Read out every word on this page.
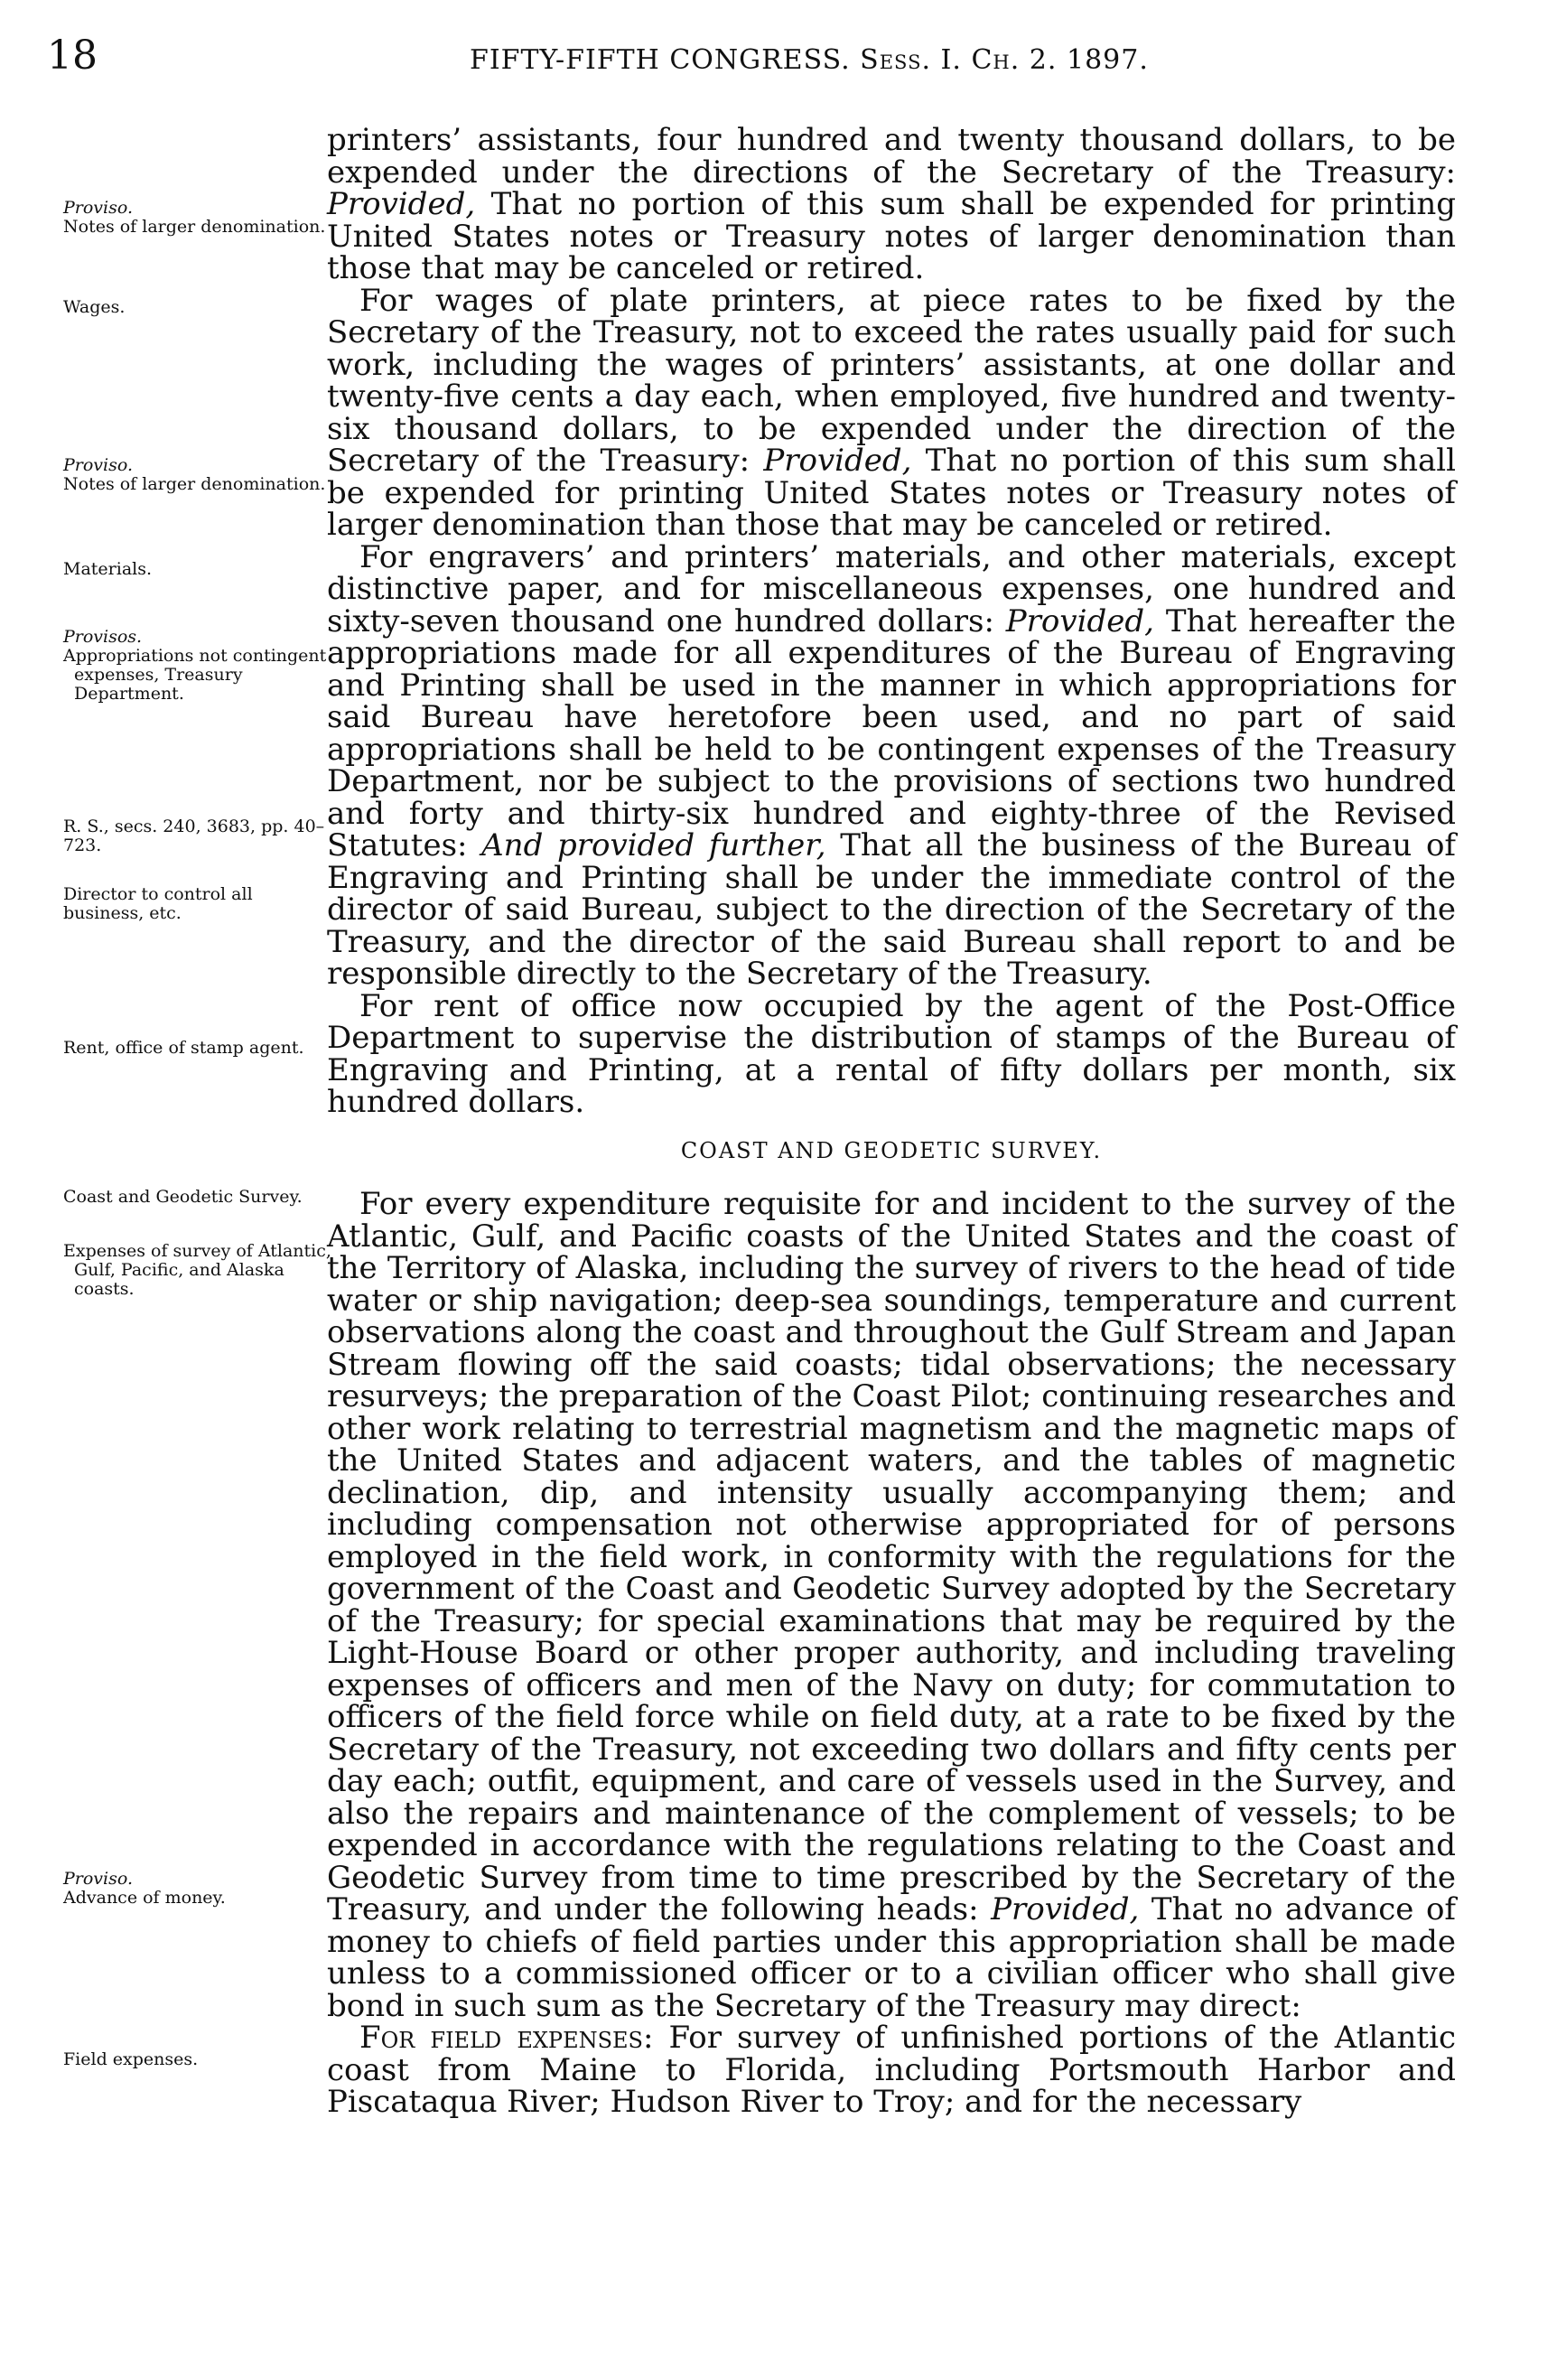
18	FIFTY-FIFTH CONGRESS. Sess. I. Ch. 2. 1897.
Proviso.
Notes of larger denomination.
Wages.
Proviso.
Notes of larger denomination.
Materials.
Provisos.
Appropriations not contingent expenses, Treasury Department.
R. S., secs. 240, 3683, pp. 40–723.
Director to control all business, etc.
Rent, office of stamp agent.
Coast and Geodetic Survey.
Expenses of survey of Atlantic, Gulf, Pacific, and Alaska coasts.
Proviso.
Advance of money.
Field expenses.

printers’ assistants, four hundred and twenty thousand dollars, to be expended under the directions of the Secretary of the Treasury: Provided, That no portion of this sum shall be expended for printing United States notes or Treasury notes of larger denomination than those that may be canceled or retired.

For wages of plate printers, at piece rates to be fixed by the Secretary of the Treasury, not to exceed the rates usually paid for such work, including the wages of printers’ assistants, at one dollar and twenty-five cents a day each, when employed, five hundred and twenty-six thousand dollars, to be expended under the direction of the Secretary of the Treasury: Provided, That no portion of this sum shall be expended for printing United States notes or Treasury notes of larger denomination than those that may be canceled or retired.

For engravers’ and printers’ materials, and other materials, except distinctive paper, and for miscellaneous expenses, one hundred and sixty-seven thousand one hundred dollars: Provided, That hereafter the appropriations made for all expenditures of the Bureau of Engraving and Printing shall be used in the manner in which appropriations for said Bureau have heretofore been used, and no part of said appropriations shall be held to be contingent expenses of the Treasury Department, nor be subject to the provisions of sections two hundred and forty and thirty-six hundred and eighty-three of the Revised Statutes: And provided further, That all the business of the Bureau of Engraving and Printing shall be under the immediate control of the director of said Bureau, subject to the direction of the Secretary of the Treasury, and the director of the said Bureau shall report to and be responsible directly to the Secretary of the Treasury.

For rent of office now occupied by the agent of the Post-Office Department to supervise the distribution of stamps of the Bureau of Engraving and Printing, at a rental of fifty dollars per month, six hundred dollars.

COAST AND GEODETIC SURVEY.

For every expenditure requisite for and incident to the survey of the Atlantic, Gulf, and Pacific coasts of the United States and the coast of the Territory of Alaska, including the survey of rivers to the head of tide water or ship navigation; deep-sea soundings, temperature and current observations along the coast and throughout the Gulf Stream and Japan Stream flowing off the said coasts; tidal observations; the necessary resurveys; the preparation of the Coast Pilot; continuing researches and other work relating to terrestrial magnetism and the magnetic maps of the United States and adjacent waters, and the tables of magnetic declination, dip, and intensity usually accompanying them; and including compensation not otherwise appropriated for of persons employed in the field work, in conformity with the regulations for the government of the Coast and Geodetic Survey adopted by the Secretary of the Treasury; for special examinations that may be required by the Light-House Board or other proper authority, and including traveling expenses of officers and men of the Navy on duty; for commutation to officers of the field force while on field duty, at a rate to be fixed by the Secretary of the Treasury, not exceeding two dollars and fifty cents per day each; outfit, equipment, and care of vessels used in the Survey, and also the repairs and maintenance of the complement of vessels; to be expended in accordance with the regulations relating to the Coast and Geodetic Survey from time to time prescribed by the Secretary of the Treasury, and under the following heads: Provided, That no advance of money to chiefs of field parties under this appropriation shall be made unless to a commissioned officer or to a civilian officer who shall give bond in such sum as the Secretary of the Treasury may direct:

For field expenses: For survey of unfinished portions of the Atlantic coast from Maine to Florida, including Portsmouth Harbor and Piscataqua River; Hudson River to Troy; and for the necessary
